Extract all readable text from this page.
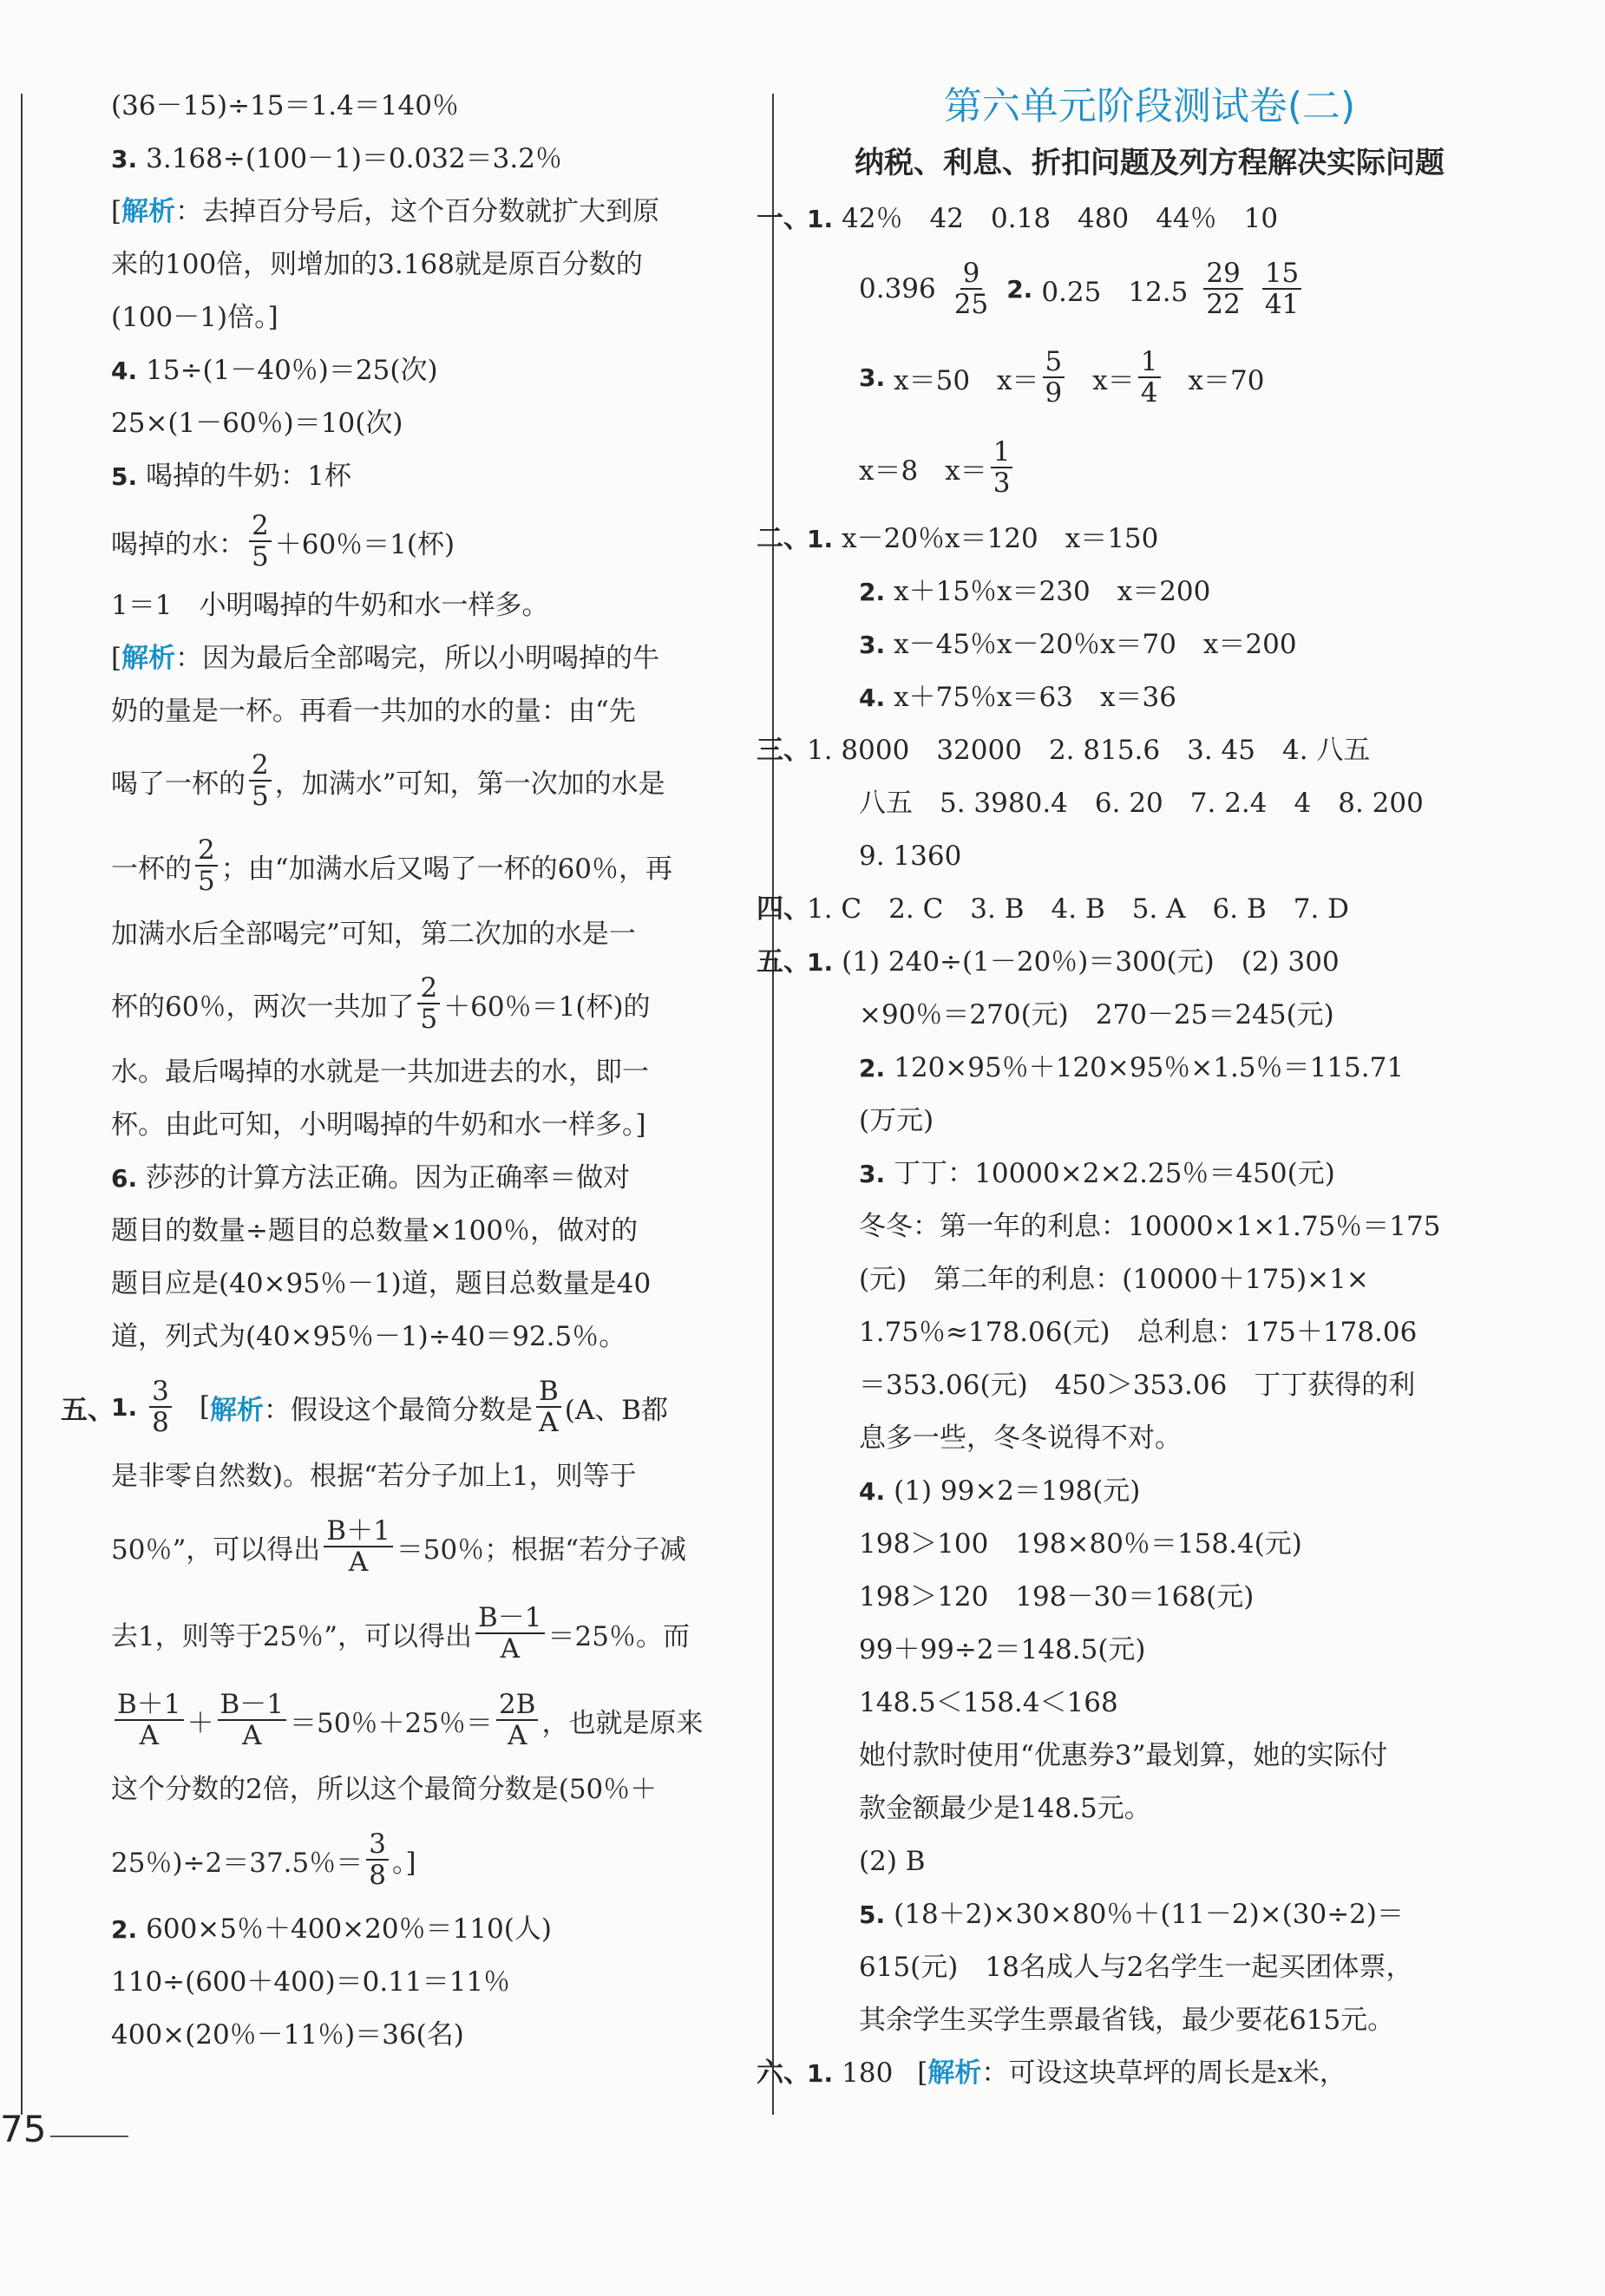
第六单元阶段测试卷(二)
纳税、利息、折扣问题及列方程解决实际问题
(36－15)÷15＝1.4＝140％
3. 3.168÷(100－1)＝0.032＝3.2％
[解析：去掉百分号后，这个百分数就扩大到原
来的100倍，则增加的3.168就是原百分数的
(100－1)倍。]
4. 15÷(1－40％)＝25(次)
25×(1－60％)＝10(次)
5. 喝掉的牛奶：1杯
喝掉的水： $\frac{2}{5} +60$％＝1(杯)
1＝1　小明喝掉的牛奶和水一样多。
[解析：因为最后全部喝完，所以小明喝掉的牛
奶的量是一杯。再看一共加的水的量：由“先
喝了一杯的 $\frac{2}{5}$ ，加满水”可知，第一次加的水是
一杯的 $\frac{2}{5}$ ；由“加满水后又喝了一杯的60％，再
加满水后全部喝完”可知，第二次加的水是一
杯的60％，两次一共加了 $\frac{2}{5} +60$％＝1(杯)的
水。最后喝掉的水就是一共加进去的水，即一
杯。由此可知，小明喝掉的牛奶和水一样多。]
6. 莎莎的计算方法正确。因为正确率＝做对
题目的数量÷题目的总数量×100％，做对的
题目应是(40×95％－1)道，题目总数量是40
道，列式为(40×95％－1)÷40＝92.5％。
五、
1. $\frac{3}{8}$ [ 解析 ：假设这个最简分数是 $\frac{B}{A} (A$、B都
是非零自然数)。根据“若分子加上1，则等于
50％”，可以得出 $\frac{B+1}{A} =50$％；根据“若分子减
去1，则等于25％”，可以得出 $\frac{B-1}{A} =25$％。而
$\frac{B+1}{A} + \frac{B-1}{A} =50$％＋25％＝ $\frac{2B}{A}$ ，也就是原来
这个分数的2倍，所以这个最简分数是(50％＋
25％)÷2＝37.5％＝ $\frac{3}{8}$ 。]
2. 600×5％＋400×20％＝110(人)
110÷(600＋400)＝0.11＝11％
400×(20％－11％)＝36(名)
一、
1. 42％　42　0.18　480　44％　10
$0.396 \frac{9}{25} 2$. 0.25　$12.5 \frac{29}{22} \frac{15}{41}$
3. x＝50　$x= \frac{5}{9} x= \frac{1}{4} x=70$
x＝8　$x= \frac{1}{3}$
二、
1. x－20％x＝120　x＝150
2. x＋15％x＝230　x＝200
3. x－45％x－20％x＝70　x＝200
4. x＋75％x＝63　x＝36
三、
1. 8000　32000　2. 815.6　3. 45　4. 八五
八五　5. 3980.4　6. 20　7. 2.4　4　8. 200
9. 1360
四、
1. C　2. C　3. B　4. B　5. A　6. B　7. D
五、
1. (1) 240÷(1－20％)＝300(元)　(2) 300
×90％＝270(元)　270－25＝245(元)
2. 120×95％＋120×95％×1.5％＝115.71
(万元)
3. 丁丁：10000×2×2.25％＝450(元)
冬冬：第一年的利息：10000×1×1.75％＝175
(元)　第二年的利息：(10000＋175)×1×
1.75％≈178.06(元)　总利息：175＋178.06
＝353.06(元)　450＞353.06　丁丁获得的利
息多一些，冬冬说得不对。
4. (1) 99×2＝198(元)
198＞100　198×80％＝158.4(元)
198＞120　198－30＝168(元)
99＋99÷2＝148.5(元)
148.5＜158.4＜168
她付款时使用“优惠券3”最划算，她的实际付
款金额最少是148.5元。
(2) B
5. (18＋2)×30×80％＋(11－2)×(30÷2)＝
615(元)　18名成人与2名学生一起买团体票，
其余学生买学生票最省钱，最少要花615元。
六、
1. 180 [解析：可设这块草坪的周长是x米，
75
